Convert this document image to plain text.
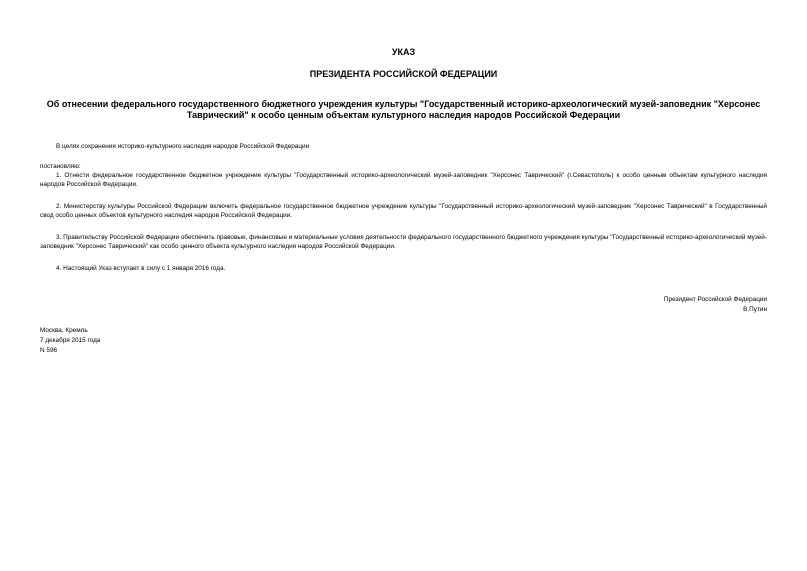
УКАЗ

ПРЕЗИДЕНТА РОССИЙСКОЙ ФЕДЕРАЦИИ

Об отнесении федерального государственного бюджетного учреждения культуры "Государственный историко-археологический музей-заповедник "Херсонес Таврический" к особо ценным объектам культурного наследия народов Российской Федерации

В целях сохранения историко-культурного наследия народов Российской Федерации

постановляю:

1. Отнести федеральное государственное бюджетное учреждение культуры "Государственный историко-археологический музей-заповедник "Херсонес Таврический" (г.Севастополь) к особо ценным объектам культурного наследия народов Российской Федерации.

2. Министерству культуры Российской Федерации включить федеральное государственное бюджетное учреждение культуры "Государственный историко-археологический музей-заповедник "Херсонес Таврический" в Государственный свод особо ценных объектов культурного наследия народов Российской Федерации.

3. Правительству Российской Федерации обеспечить правовые, финансовые и материальные условия деятельности федерального государственного бюджетного учреждения культуры "Государственный историко-археологический музей-заповедник "Херсонес Таврический" как особо ценного объекта культурного наследия народов Российской Федерации.

4. Настоящий Указ вступает в силу с 1 января 2016 года.

Президент Российской Федерации

В.Путин

Москва, Кремль

7 декабря 2015 года

N 596
